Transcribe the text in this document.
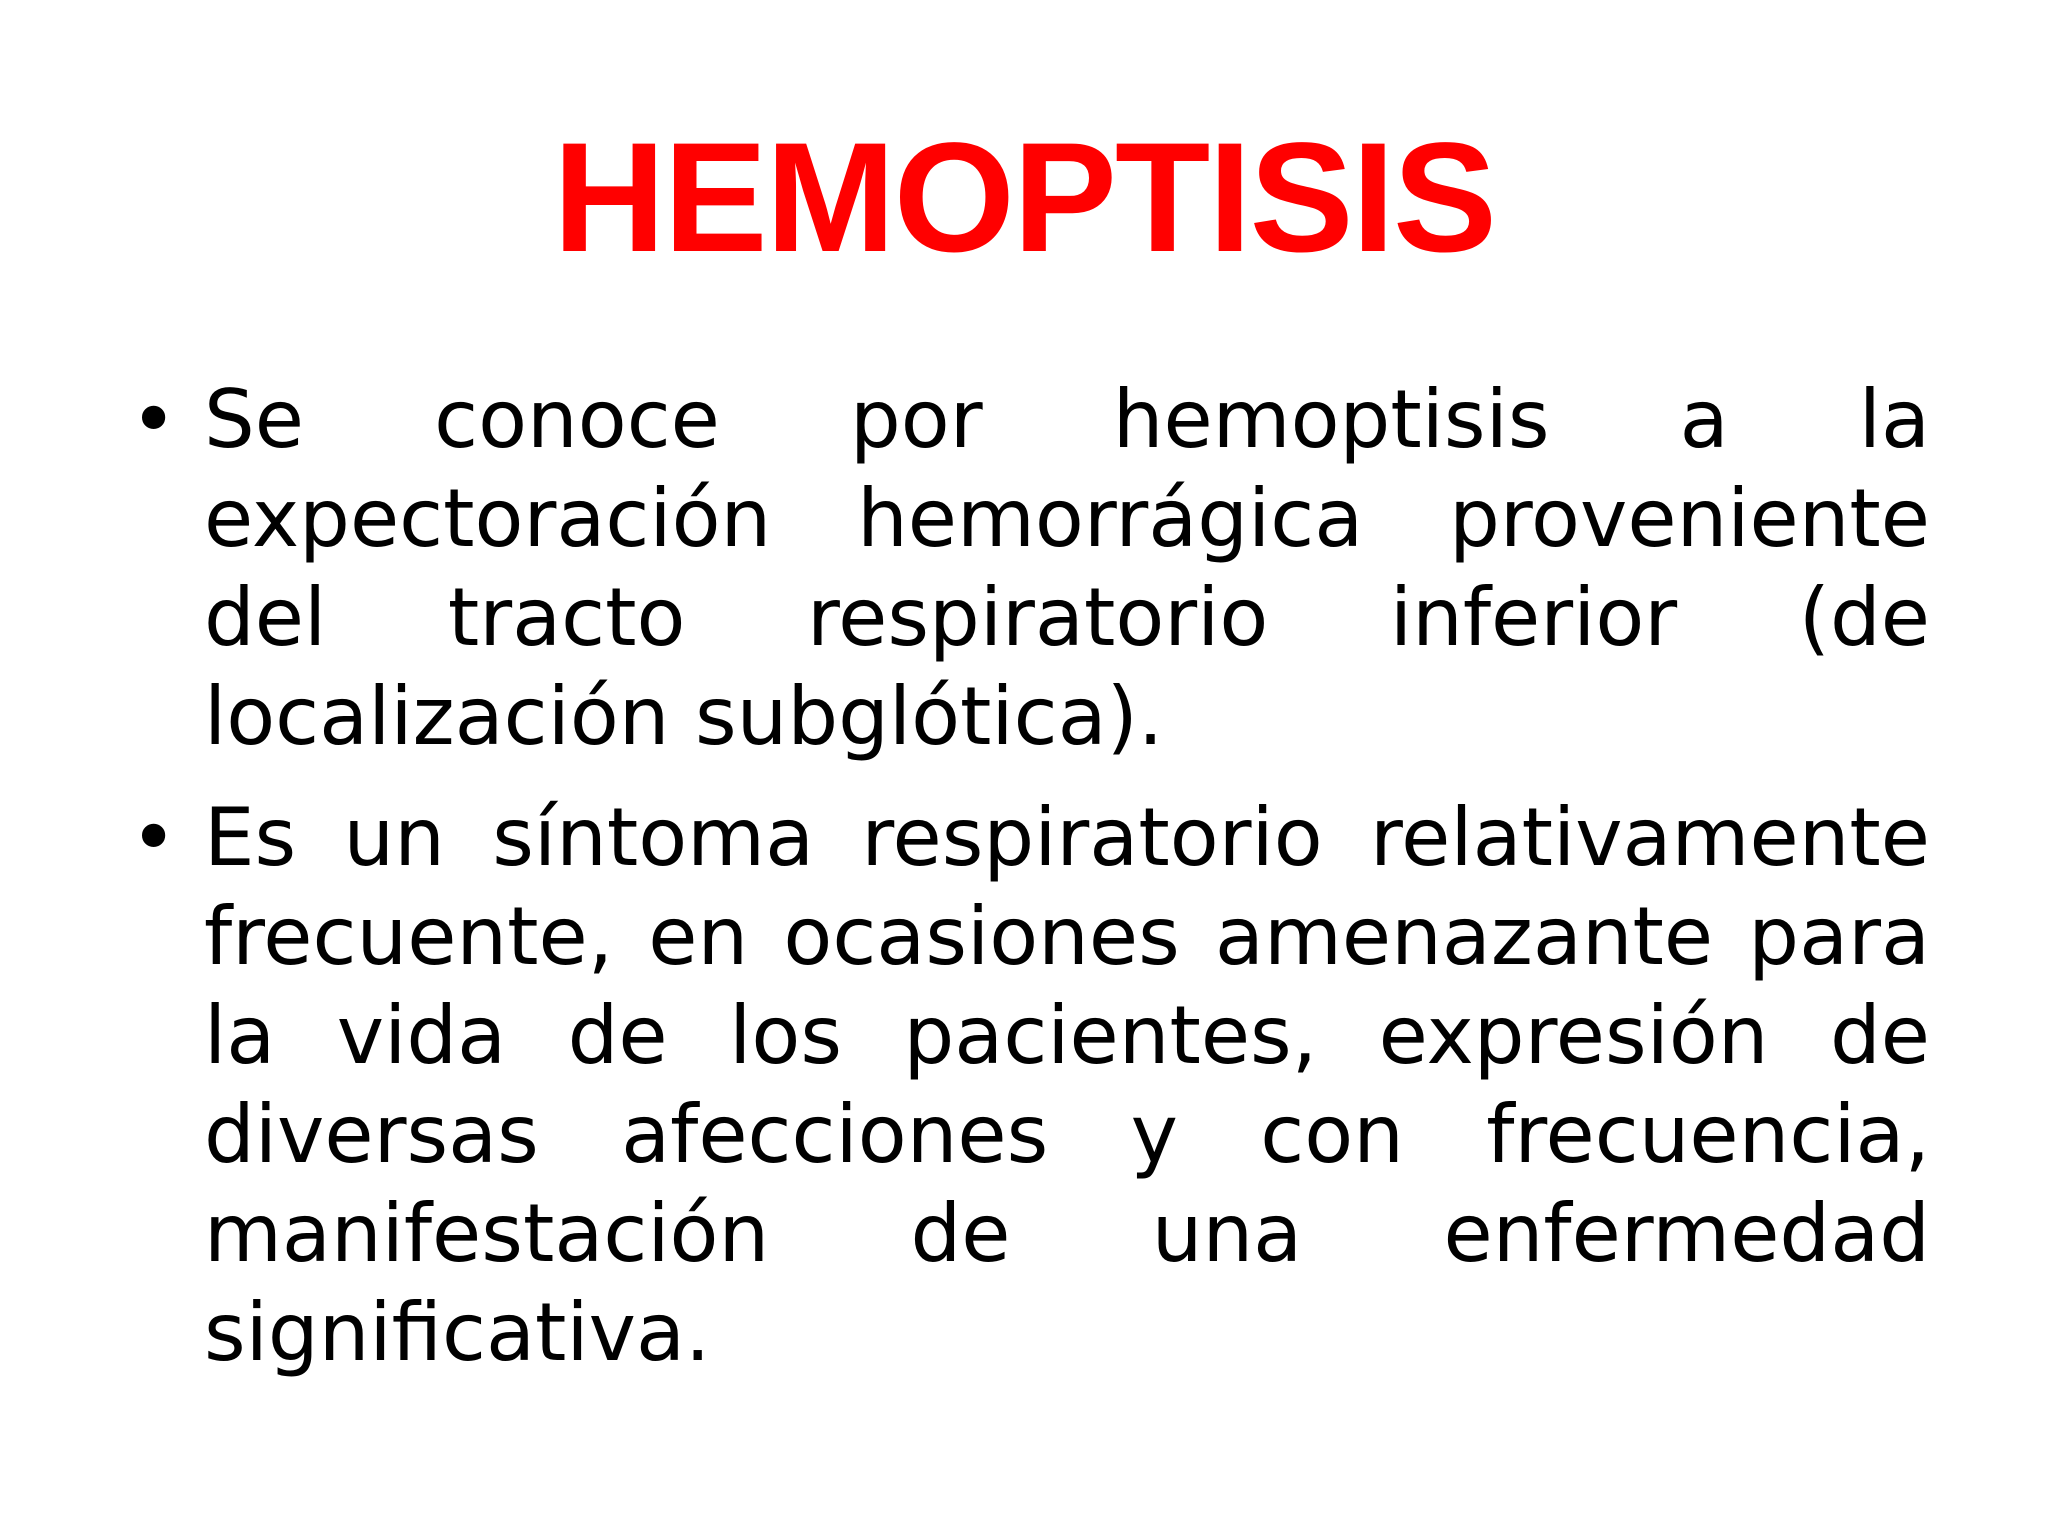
HEMOPTISIS
• Se conoce por hemoptisis a la expectoración hemorrágica proveniente del tracto respiratorio inferior (de localización subglótica).
• Es un síntoma respiratorio relativamente frecuente, en ocasiones amenazante para la vida de los pacientes, expresión de diversas afecciones y con frecuencia, manifestación de una enfermedad significativa.
